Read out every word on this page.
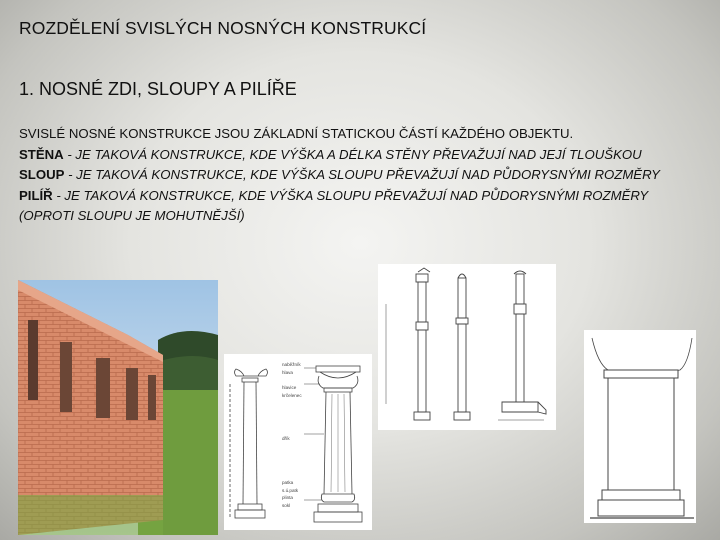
ROZDĚLENÍ SVISLÝCH NOSNÝCH KONSTRUKCÍ
1. NOSNÉ ZDI, SLOUPY A PILÍŘE

SVISLÉ NOSNÉ KONSTRUKCE JSOU ZÁKLADNÍ STATICKOU ČÁSTÍ KAŽDÉHO OBJEKTU.

STĚNA - JE TAKOVÁ KONSTRUKCE, KDE VÝŠKA A DÉLKA STĚNY PŘEVAŽUJÍ NAD JEJÍ TLOUŠKOU

SLOUP - JE TAKOVÁ KONSTRUKCE, KDE VÝŠKA SLOUPU PŘEVAŽUJÍ NAD PŮDORYSNÝMI ROZMĚRY

PILÍŘ - JE TAKOVÁ KONSTRUKCE, KDE VÝŠKA SLOUPU PŘEVAŽUJÍ NAD PŮDORYSNÝMI ROZMĚRY (OPROTI SLOUPU JE MOHUTNĚJŠÍ)

naběžník
hlava
hlavice
krčelenec
dřík
patka
s.ú.patk
plinta
sokl
